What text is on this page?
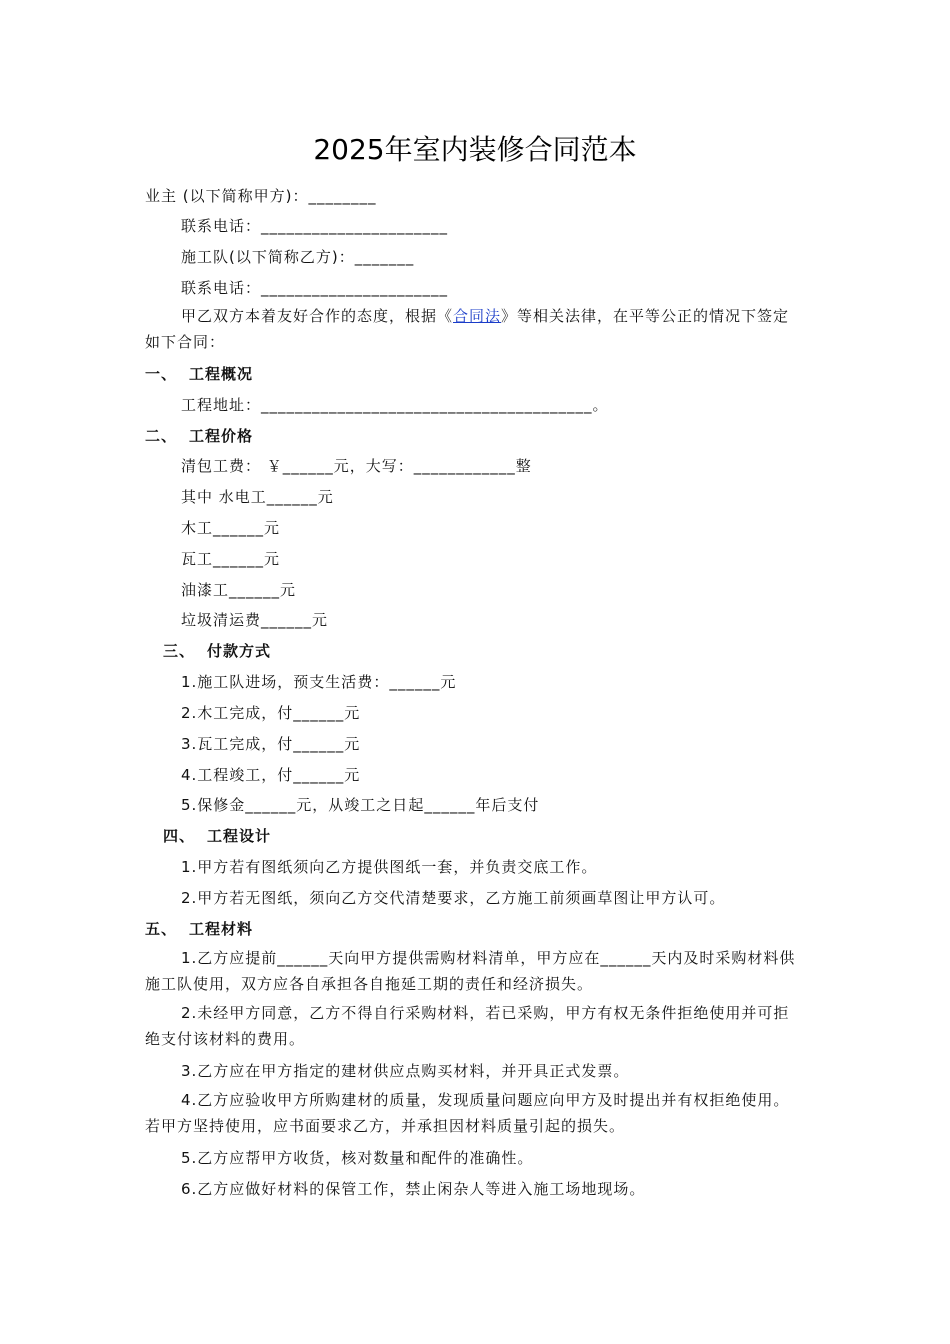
2025年室内装修合同范本
业主 (以下简称甲方)：________
联系电话：______________________
施工队(以下简称乙方)：_______
联系电话：______________________
甲乙双方本着友好合作的态度，根据《合同法》等相关法律，在平等公正的情况下签定如下合同：
一、 工程概况
工程地址：_______________________________________。
二、 工程价格
清包工费： ￥______元，大写：____________整
其中 水电工______元
木工______元
瓦工______元
油漆工______元
垃圾清运费______元
三、 付款方式
1.施工队进场，预支生活费：______元
2.木工完成，付______元
3.瓦工完成，付______元
4.工程竣工，付______元
5.保修金______元，从竣工之日起______年后支付
四、 工程设计
1.甲方若有图纸须向乙方提供图纸一套，并负责交底工作。
2.甲方若无图纸，须向乙方交代清楚要求，乙方施工前须画草图让甲方认可。
五、 工程材料
1.乙方应提前______天向甲方提供需购材料清单，甲方应在______天内及时采购材料供施工队使用，双方应各自承担各自拖延工期的责任和经济损失。
2.未经甲方同意，乙方不得自行采购材料，若已采购，甲方有权无条件拒绝使用并可拒绝支付该材料的费用。
3.乙方应在甲方指定的建材供应点购买材料，并开具正式发票。
4.乙方应验收甲方所购建材的质量，发现质量问题应向甲方及时提出并有权拒绝使用。若甲方坚持使用，应书面要求乙方，并承担因材料质量引起的损失。
5.乙方应帮甲方收货，核对数量和配件的准确性。
6.乙方应做好材料的保管工作，禁止闲杂人等进入施工场地现场。
